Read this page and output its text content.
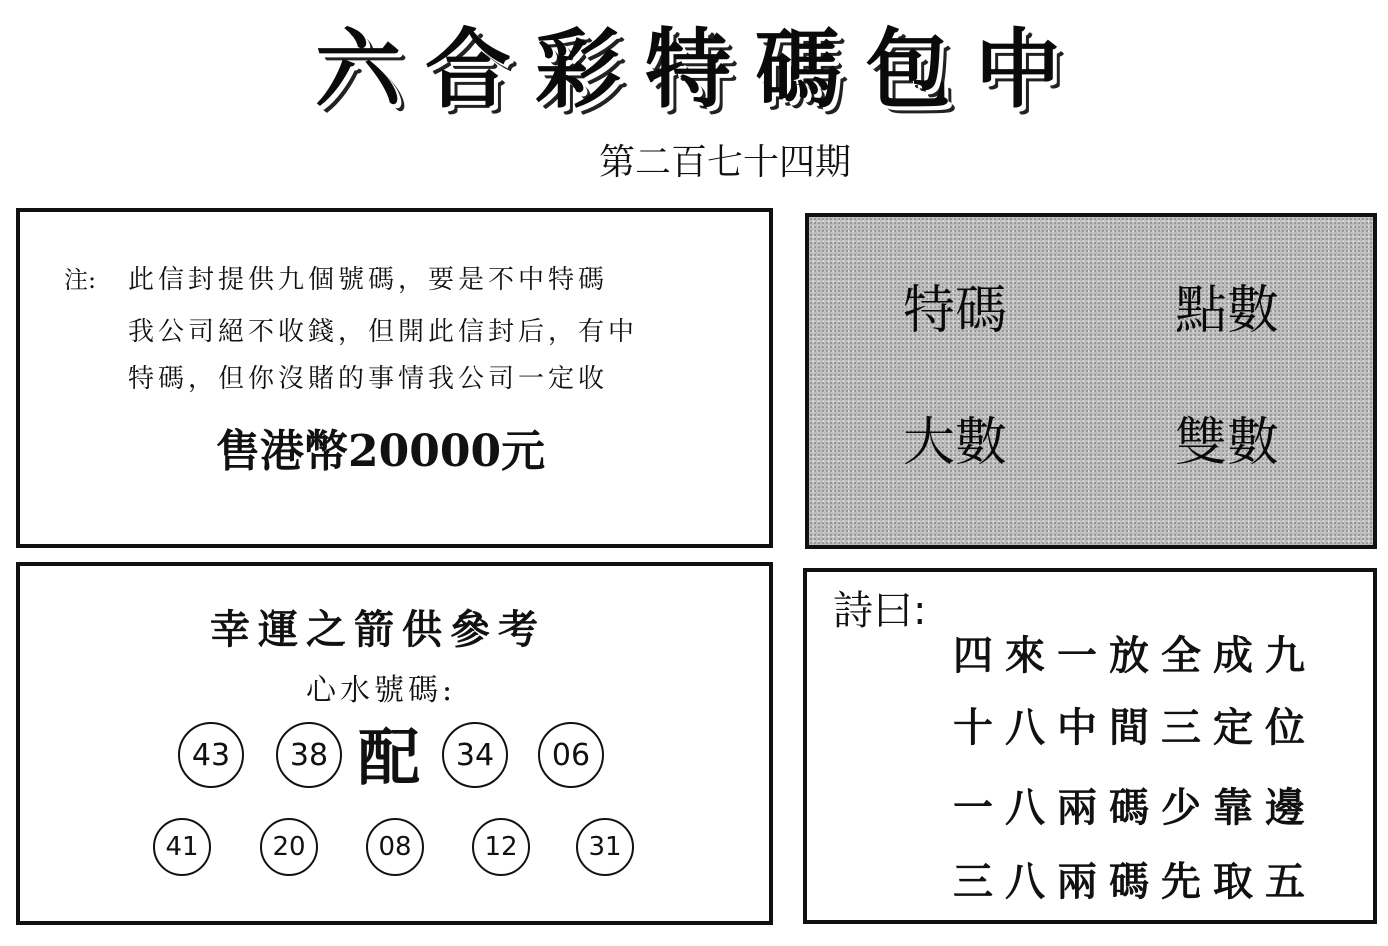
六合彩特碼包中
第二百七十四期
注: 此信封提供九個號碼，要是不中特碼
我公司絕不收錢，但開此信封后，有中
特碼，但你沒賭的事情我公司一定收
售港幣20000元
特碼	點數
大數	雙數
幸運之箭供參考
心水號碼:
43	38 配	34	06
41	20	08	12	31
詩曰:
四來一放全成九
十八中間三定位
一八兩碼少靠邊
三八兩碼先取五
